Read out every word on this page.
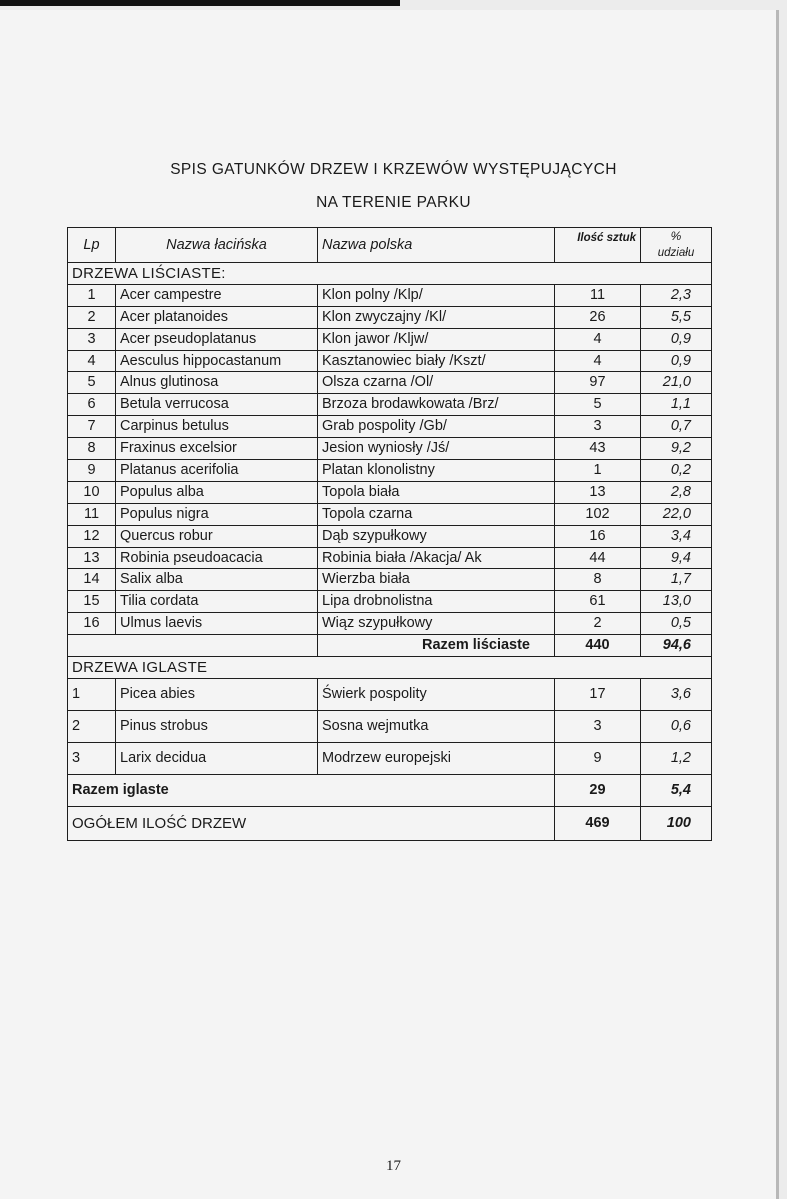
SPIS GATUNKÓW DRZEW I KRZEWÓW WYSTĘPUJĄCYCH
NA TERENIE PARKU
Lp	Nazwa łacińska	Nazwa polska	Ilość sztuk	%
udziału

DRZEWA LIŚCIASTE:				
1	Acer campestre	Klon polny /Klp/	11	2,3
2	Acer platanoides	Klon zwyczajny /Kl/	26	5,5
3	Acer pseudoplatanus	Klon jawor /Kljw/	4	0,9
4	Aesculus hippocastanum	Kasztanowiec biały /Kszt/	4	0,9
5	Alnus glutinosa	Olsza czarna /Ol/	97	21,0
6	Betula verrucosa	Brzoza brodawkowata /Brz/	5	1,1
7	Carpinus betulus	Grab pospolity /Gb/	3	0,7
8	Fraxinus excelsior	Jesion wyniosły /Jś/	43	9,2
9	Platanus acerifolia	Platan klonolistny	1	0,2
10	Populus alba	Topola biała	13	2,8
11	Populus nigra	Topola czarna	102	22,0
12	Quercus robur	Dąb szypułkowy	16	3,4
13	Robinia pseudoacacia	Robinia biała /Akacja/ Ak	44	9,4
14	Salix alba	Wierzba biała	8	1,7
15	Tilia cordata	Lipa drobnolistna	61	13,0
16	Ulmus laevis	Wiąz szypułkowy	2	0,5
		Razem liściaste	440	94,6
DRZEWA IGLASTE				
1	Picea abies	Świerk pospolity	17	3,6
2	Pinus strobus	Sosna wejmutka	3	0,6
3	Larix decidua	Modrzew europejski	9	1,2
Razem iglaste			29	5,4
OGÓŁEM ILOŚĆ DRZEW			469	100
17
